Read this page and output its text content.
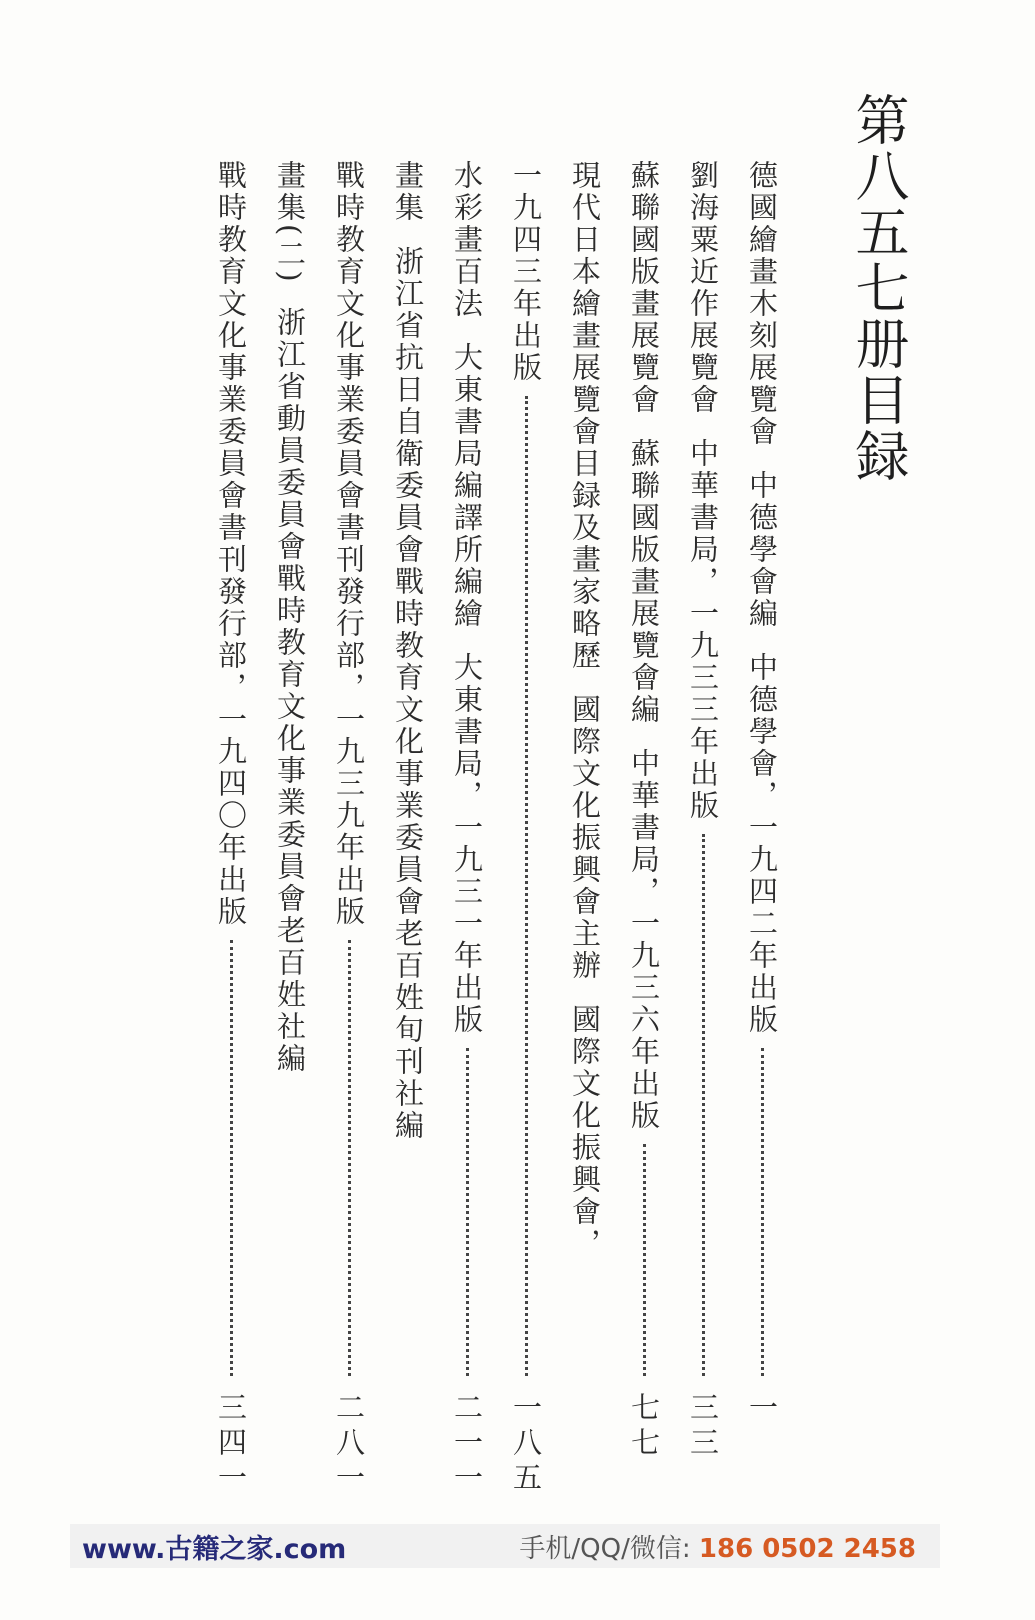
第八五七册目録
德國繪畫木刻展覽會中德學會編中德學會，一九四二年出版
一
劉海粟近作展覽會中華書局，一九三三年出版
三三
蘇聯國版畫展覽會蘇聯國版畫展覽會編中華書局，一九三六年出版
七七
現代日本繪畫展覽會目録及畫家略歷國際文化振興會主辦國際文化振興會，
一九四三年出版
一八五
水彩畫百法大東書局編譯所編繪大東書局，一九三一年出版
二一一
畫集浙江省抗日自衛委員會戰時教育文化事業委員會老百姓旬刊社編
戰時教育文化事業委員會書刊發行部，一九三九年出版
二八一
畫集(二)浙江省動員委員會戰時教育文化事業委員會老百姓社編
戰時教育文化事業委員會書刊發行部，一九四〇年出版
三四一
www.古籍之家.com	手机/QQ/微信: 186 0502 2458
